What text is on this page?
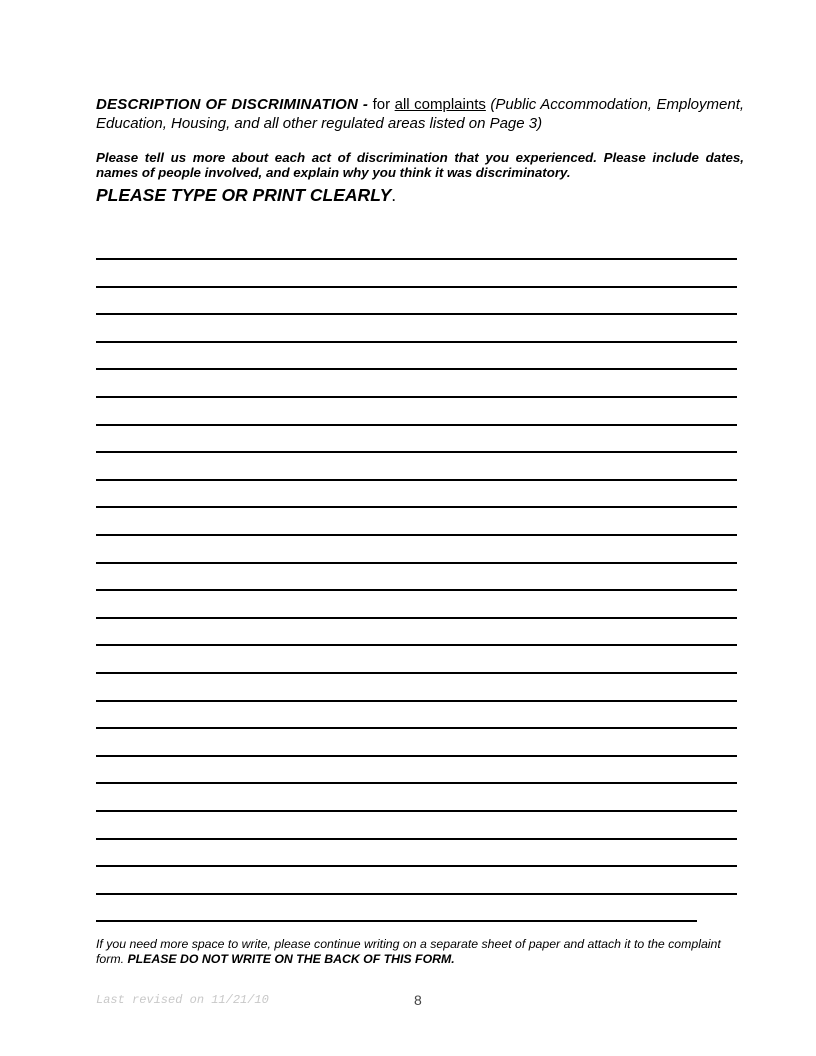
DESCRIPTION OF DISCRIMINATION - for all complaints (Public Accommodation, Employment, Education, Housing, and all other regulated areas listed on Page 3)
Please tell us more about each act of discrimination that you experienced. Please include dates, names of people involved, and explain why you think it was discriminatory.
PLEASE TYPE OR PRINT CLEARLY.
If you need more space to write, please continue writing on a separate sheet of paper and attach it to the complaint form. PLEASE DO NOT WRITE ON THE BACK OF THIS FORM.
Last revised on 11/21/10	8
